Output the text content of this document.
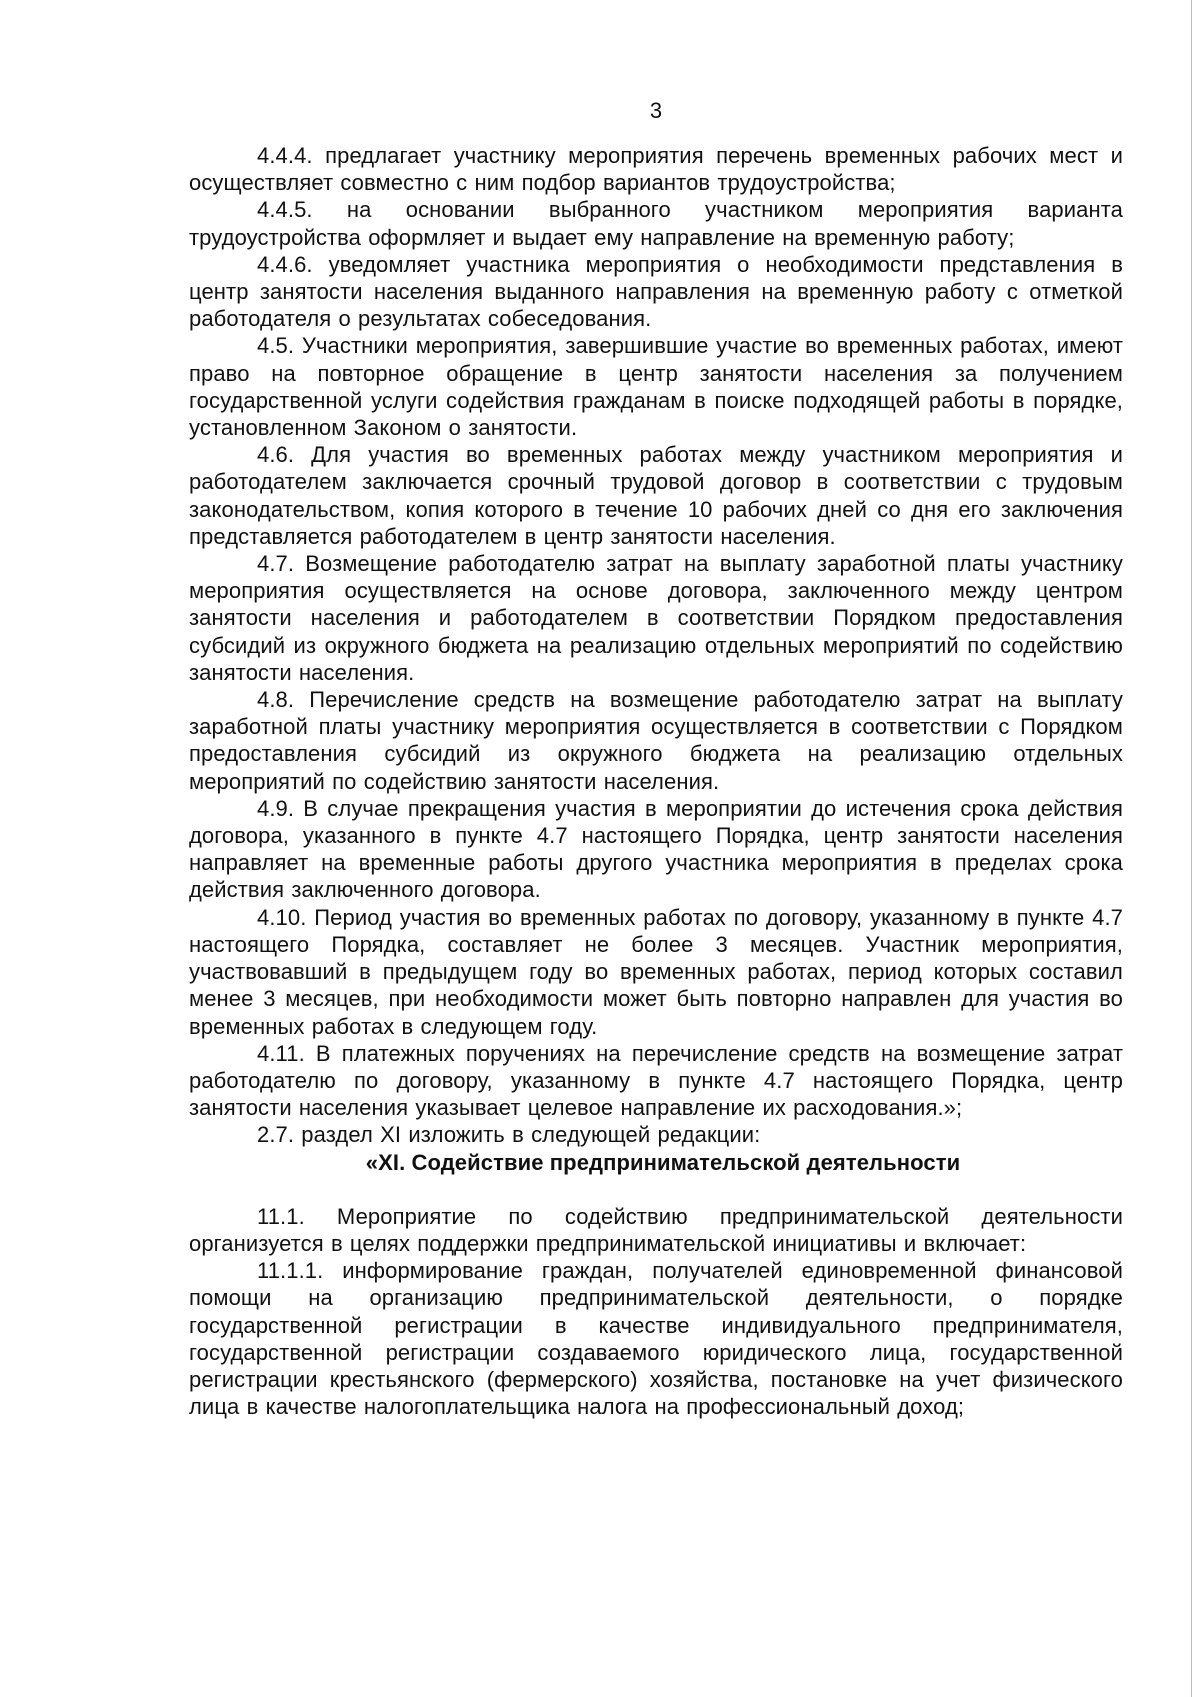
3

4.4.4. предлагает участнику мероприятия перечень временных рабочих мест и осуществляет совместно с ним подбор вариантов трудоустройства;

4.4.5. на основании выбранного участником мероприятия варианта трудоустройства оформляет и выдает ему направление на временную работу;

4.4.6. уведомляет участника мероприятия о необходимости представления в центр занятости населения выданного направления на временную работу с отметкой работодателя о результатах собеседования.

4.5. Участники мероприятия, завершившие участие во временных работах, имеют право на повторное обращение в центр занятости населения за получением государственной услуги содействия гражданам в поиске подходящей работы в порядке, установленном Законом о занятости.

4.6. Для участия во временных работах между участником мероприятия и работодателем заключается срочный трудовой договор в соответствии с трудовым законодательством, копия которого в течение 10 рабочих дней со дня его заключения представляется работодателем в центр занятости населения.

4.7. Возмещение работодателю затрат на выплату заработной платы участнику мероприятия осуществляется на основе договора, заключенного между центром занятости населения и работодателем в соответствии Порядком предоставления субсидий из окружного бюджета на реализацию отдельных мероприятий по содействию занятости населения.

4.8. Перечисление средств на возмещение работодателю затрат на выплату заработной платы участнику мероприятия осуществляется в соответствии с Порядком предоставления субсидий из окружного бюджета на реализацию отдельных мероприятий по содействию занятости населения.

4.9. В случае прекращения участия в мероприятии до истечения срока действия договора, указанного в пункте 4.7 настоящего Порядка, центр занятости населения направляет на временные работы другого участника мероприятия в пределах срока действия заключенного договора.

4.10. Период участия во временных работах по договору, указанному в пункте 4.7 настоящего Порядка, составляет не более 3 месяцев. Участник мероприятия, участвовавший в предыдущем году во временных работах, период которых составил менее 3 месяцев, при необходимости может быть повторно направлен для участия во временных работах в следующем году.

4.11. В платежных поручениях на перечисление средств на возмещение затрат работодателю по договору, указанному в пункте 4.7 настоящего Порядка, центр занятости населения указывает целевое направление их расходования.»;

2.7. раздел XI изложить в следующей редакции:

«XI. Содействие предпринимательской деятельности

11.1. Мероприятие по содействию предпринимательской деятельности организуется в целях поддержки предпринимательской инициативы и включает:

11.1.1. информирование граждан, получателей единовременной финансовой помощи на организацию предпринимательской деятельности, о порядке государственной регистрации в качестве индивидуального предпринимателя, государственной регистрации создаваемого юридического лица, государственной регистрации крестьянского (фермерского) хозяйства, постановке на учет физического лица в качестве налогоплательщика налога на профессиональный доход;
